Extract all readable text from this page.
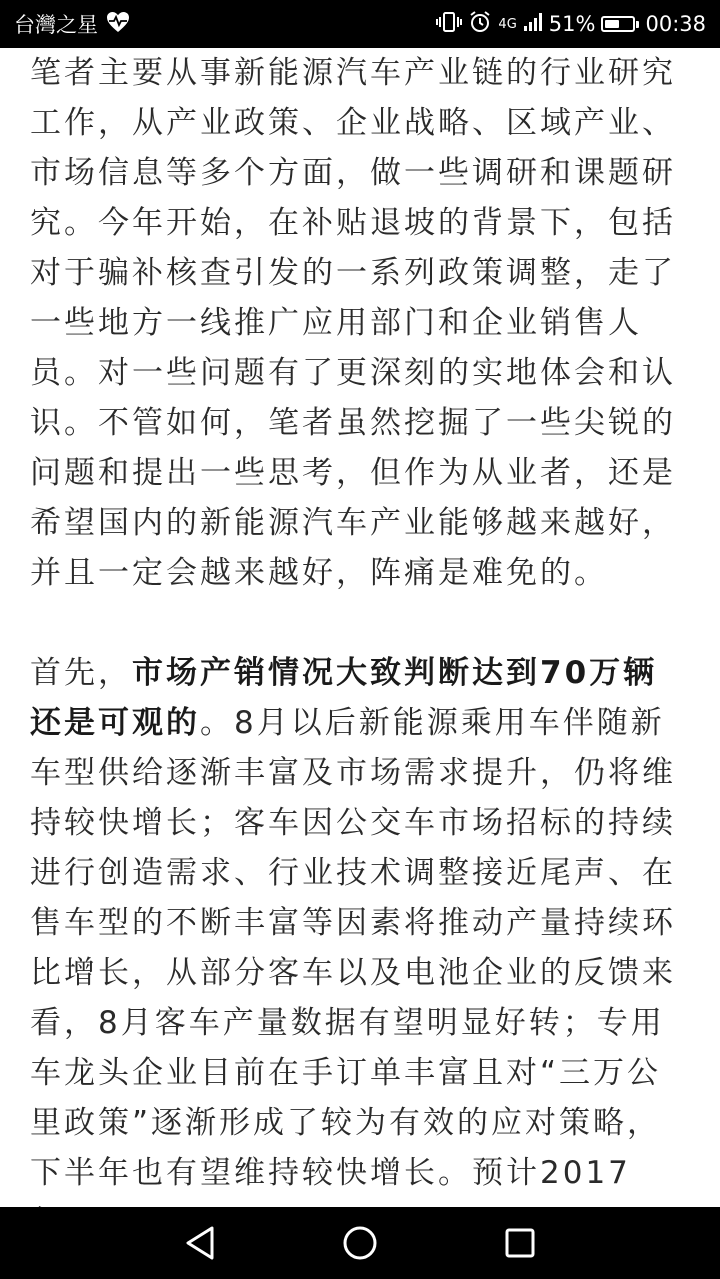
台灣之星	4G 51% 00:38

笔者主要从事新能源汽车产业链的行业研究工作，从产业政策、企业战略、区域产业、市场信息等多个方面，做一些调研和课题研究。今年开始，在补贴退坡的背景下，包括对于骗补核查引发的一系列政策调整，走了一些地方一线推广应用部门和企业销售人员。对一些问题有了更深刻的实地体会和认识。不管如何，笔者虽然挖掘了一些尖锐的问题和提出一些思考，但作为从业者，还是希望国内的新能源汽车产业能够越来越好，并且一定会越来越好，阵痛是难免的。

首先，市场产销情况大致判断达到70万辆还是可观的。8月以后新能源乘用车伴随新车型供给逐渐丰富及市场需求提升，仍将维持较快增长；客车因公交车市场招标的持续进行创造需求、行业技术调整接近尾声、在售车型的不断丰富等因素将推动产量持续环比增长，从部分客车以及电池企业的反馈来看，8月客车产量数据有望明显好转；专用车龙头企业目前在手订单丰富且对“三万公里政策”逐渐形成了较为有效的应对策略，下半年也有望维持较快增长。预计2017
